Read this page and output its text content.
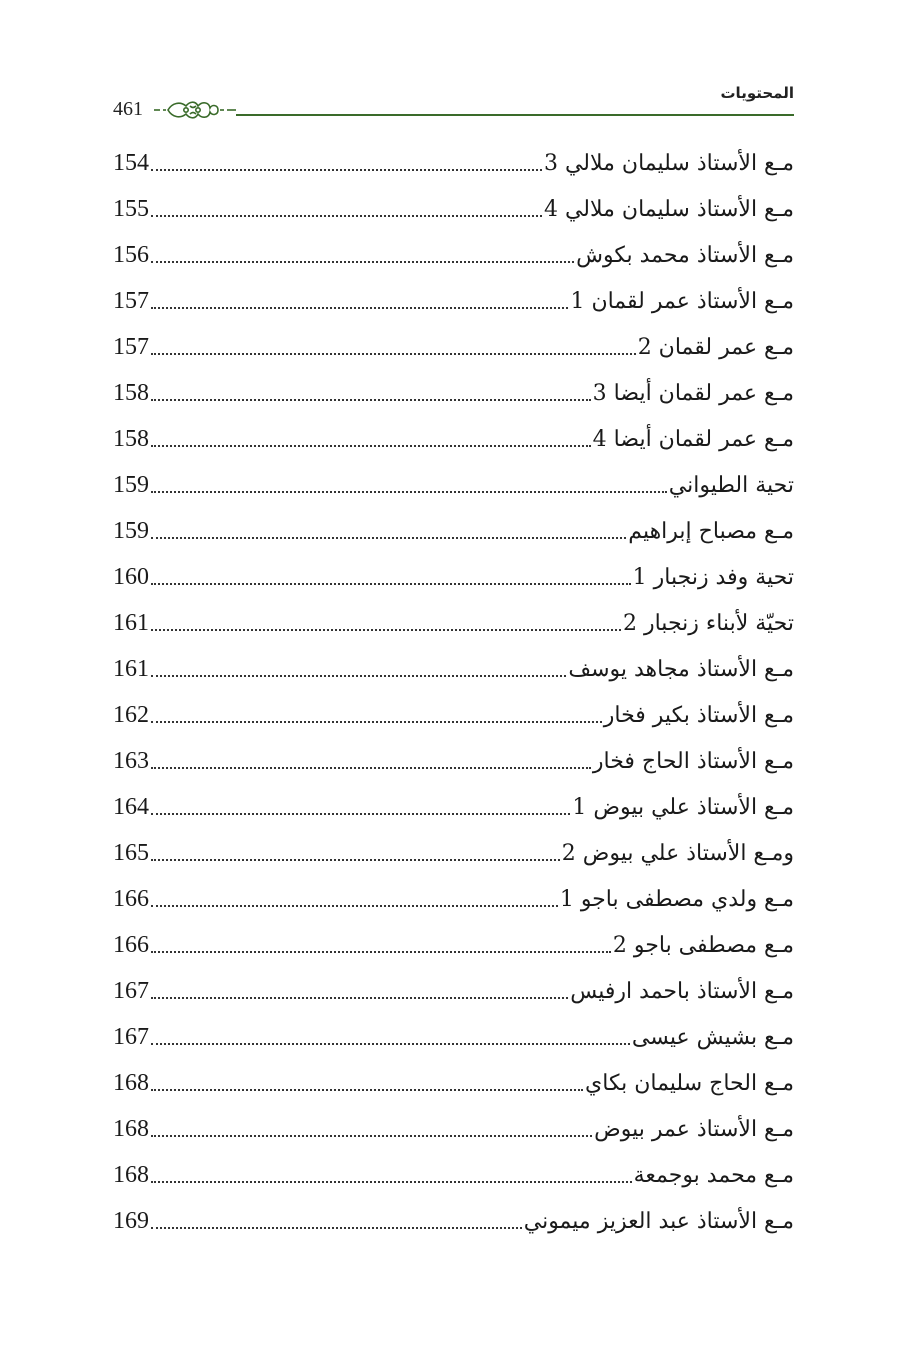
461
المحتويات
154	مـع الأستاذ سليمان ملالي 3
155	مـع الأستاذ سليمان ملالي 4
156	مـع الأستاذ محمد بكوش
157	مـع الأستاذ عمر لقمان 1
157	مـع عمر لقمان 2
158	مـع عمر لقمان أيضا 3
158	مـع عمر لقمان أيضا 4
159	تحية الطيواني
159	مـع مصباح إبراهيم
160	تحية وفد زنجبار 1
161	تحيّة لأبناء زنجبار 2
161	مـع الأستاذ مجاهد يوسف
162	مـع الأستاذ بكير فخار
163	مـع الأستاذ الحاج فخار
164	مـع الأستاذ علي بيوض 1
165	ومـع الأستاذ علي بيوض 2
166	مـع ولدي مصطفى باجو 1
166	مـع مصطفى باجو 2
167	مـع الأستاذ باحمد ارفيس
167	مـع بشيش عيسى
168	مـع الحاج سليمان بكاي
168	مـع الأستاذ عمر بيوض
168	مـع محمد بوجمعة
169	مـع الأستاذ عبد العزيز ميموني
